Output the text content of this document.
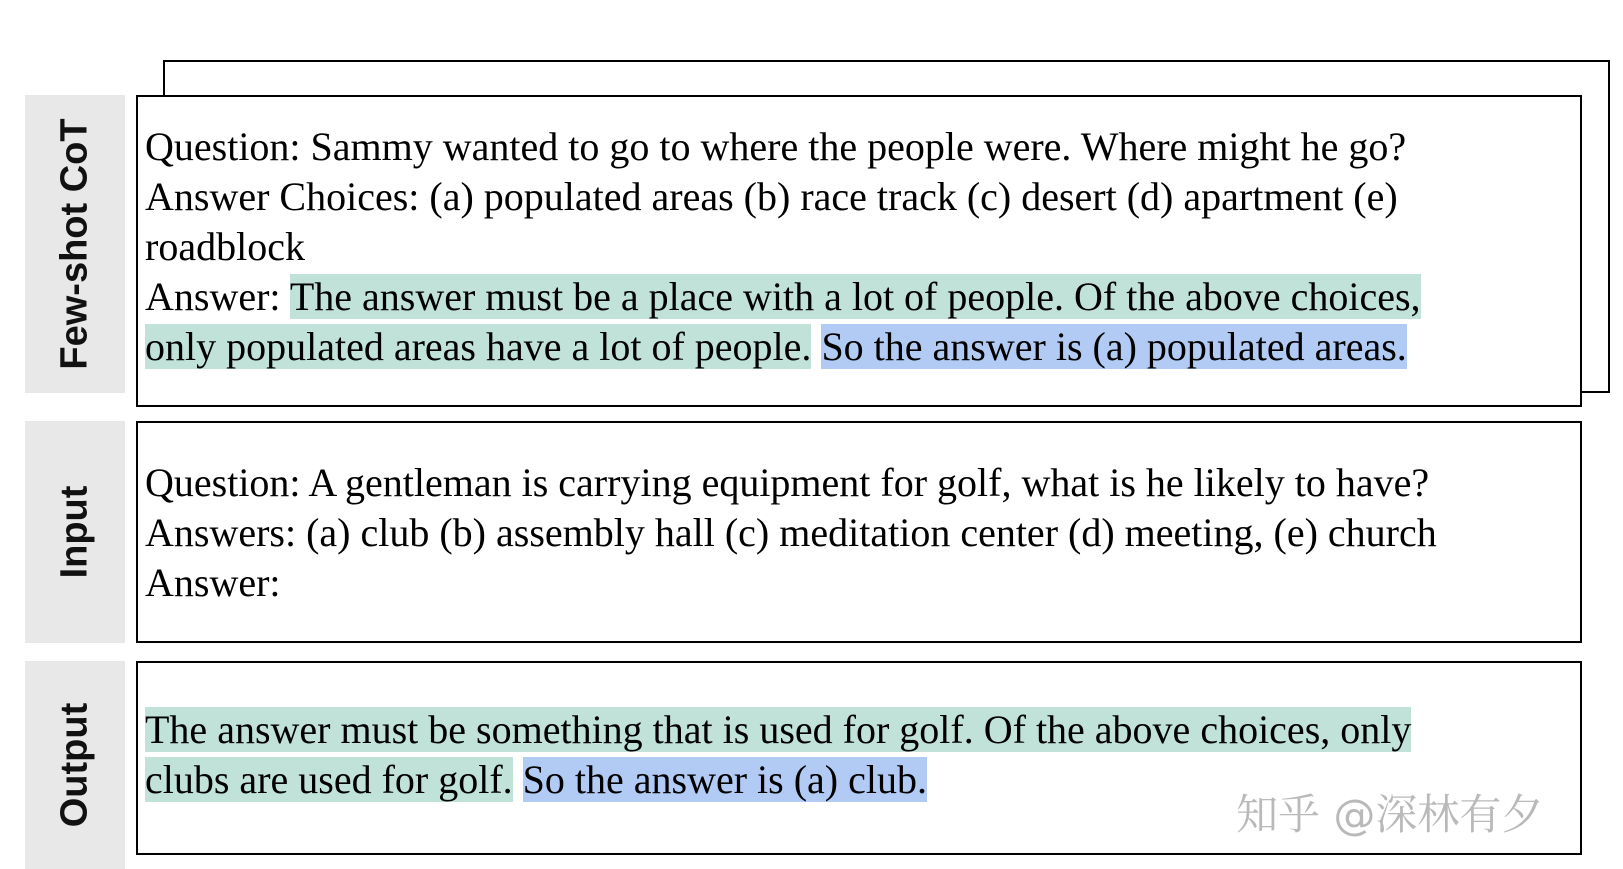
Few-shot CoT
Input
Output
Question: Sammy wanted to go to where the people were. Where might he go?
Answer Choices: (a) populated areas (b) race track (c) desert (d) apartment (e)
roadblock
Answer: The answer must be a place with a lot of people. Of the above choices,
only populated areas have a lot of people. So the answer is (a) populated areas.
Question: A gentleman is carrying equipment for golf, what is he likely to have?
Answers: (a) club (b) assembly hall (c) meditation center (d) meeting, (e) church
Answer:
The answer must be something that is used for golf. Of the above choices, only
clubs are used for golf. So the answer is (a) club.
知乎 @深林有夕
